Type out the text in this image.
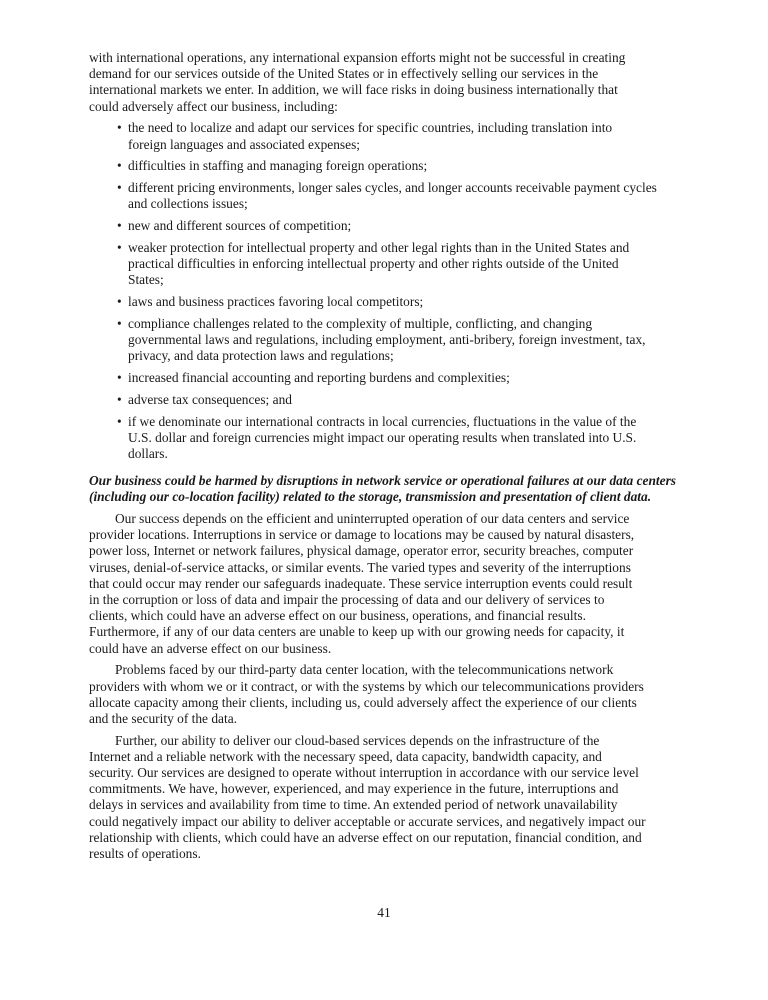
with international operations, any international expansion efforts might not be successful in creating
demand for our services outside of the United States or in effectively selling our services in the
international markets we enter. In addition, we will face risks in doing business internationally that
could adversely affect our business, including:
• the need to localize and adapt our services for specific countries, including translation into
foreign languages and associated expenses;
• difficulties in staffing and managing foreign operations;
• different pricing environments, longer sales cycles, and longer accounts receivable payment cycles
and collections issues;
• new and different sources of competition;
• weaker protection for intellectual property and other legal rights than in the United States and
practical difficulties in enforcing intellectual property and other rights outside of the United
States;
• laws and business practices favoring local competitors;
• compliance challenges related to the complexity of multiple, conflicting, and changing
governmental laws and regulations, including employment, anti-bribery, foreign investment, tax,
privacy, and data protection laws and regulations;
• increased financial accounting and reporting burdens and complexities;
• adverse tax consequences; and
• if we denominate our international contracts in local currencies, fluctuations in the value of the
U.S. dollar and foreign currencies might impact our operating results when translated into U.S.
dollars.
Our business could be harmed by disruptions in network service or operational failures at our data centers
(including our co-location facility) related to the storage, transmission and presentation of client data.
Our success depends on the efficient and uninterrupted operation of our data centers and service
provider locations. Interruptions in service or damage to locations may be caused by natural disasters,
power loss, Internet or network failures, physical damage, operator error, security breaches, computer
viruses, denial-of-service attacks, or similar events. The varied types and severity of the interruptions
that could occur may render our safeguards inadequate. These service interruption events could result
in the corruption or loss of data and impair the processing of data and our delivery of services to
clients, which could have an adverse effect on our business, operations, and financial results.
Furthermore, if any of our data centers are unable to keep up with our growing needs for capacity, it
could have an adverse effect on our business.
Problems faced by our third-party data center location, with the telecommunications network
providers with whom we or it contract, or with the systems by which our telecommunications providers
allocate capacity among their clients, including us, could adversely affect the experience of our clients
and the security of the data.
Further, our ability to deliver our cloud-based services depends on the infrastructure of the
Internet and a reliable network with the necessary speed, data capacity, bandwidth capacity, and
security. Our services are designed to operate without interruption in accordance with our service level
commitments. We have, however, experienced, and may experience in the future, interruptions and
delays in services and availability from time to time. An extended period of network unavailability
could negatively impact our ability to deliver acceptable or accurate services, and negatively impact our
relationship with clients, which could have an adverse effect on our reputation, financial condition, and
results of operations.
41
